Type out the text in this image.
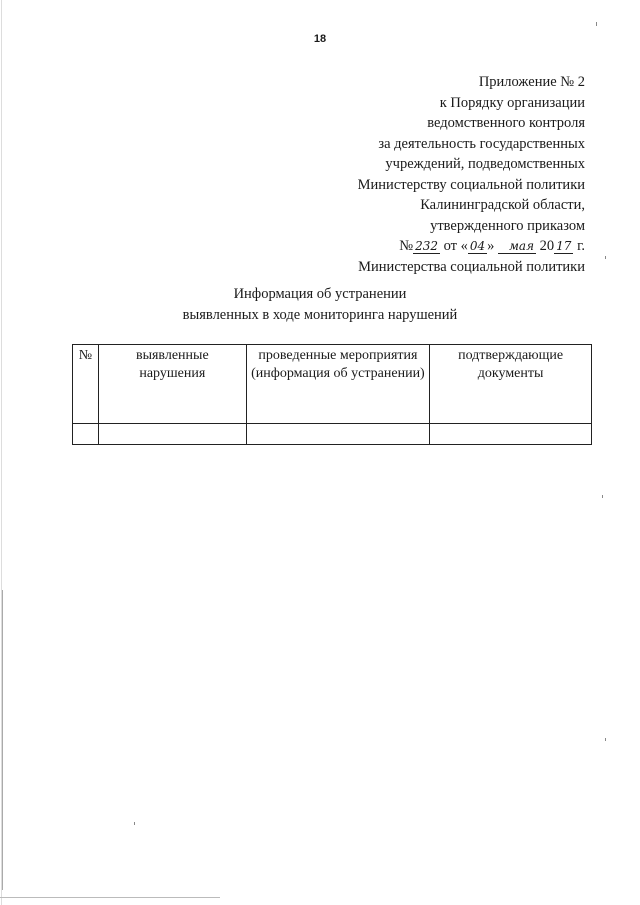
18
Приложение № 2
к Порядку организации
ведомственного контроля
за деятельность государственных
учреждений, подведомственных
Министерству социальной политики
Калининградской области,
утвержденного приказом
№ 232 от « 04 » мая 20 17 г.
Министерства социальной политики
Информация об устранении
выявленных в ходе мониторинга нарушений
№	выявленные нарушения	проведенные мероприятия (информация об устранении)	подтверждающие документы
